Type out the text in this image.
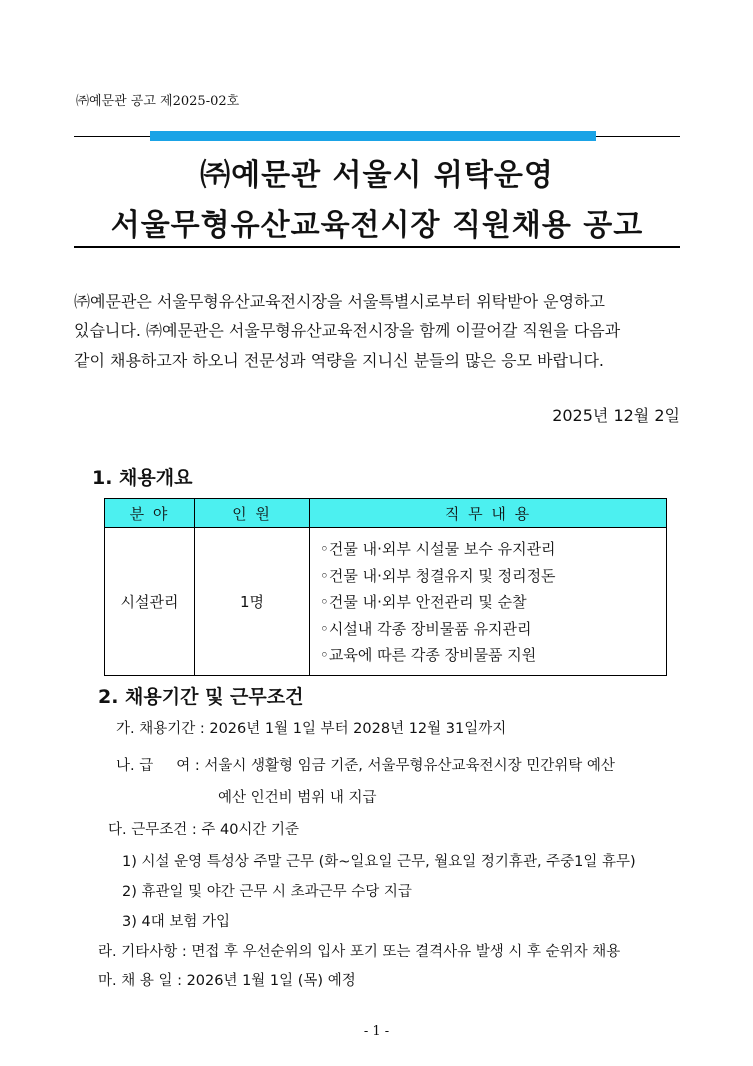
㈜예문관 공고 제2025-02호
㈜예문관 서울시 위탁운영
서울무형유산교육전시장 직원채용 공고
㈜예문관은 서울무형유산교육전시장을 서울특별시로부터 위탁받아 운영하고
있습니다. ㈜예문관은 서울무형유산교육전시장을 함께 이끌어갈 직원을 다음과
같이 채용하고자 하오니 전문성과 역량을 지니신 분들의 많은 응모 바랍니다.
2025년 12월 2일
1. 채용개요
분 야	인 원	직 무 내 용
시설관리	1명	◦건물 내·외부 시설물 보수 유지관리
◦건물 내·외부 청결유지 및 정리정돈
◦건물 내·외부 안전관리 및 순찰
◦시설내 각종 장비물품 유지관리
◦교육에 따른 각종 장비물품 지원
2. 채용기간 및 근무조건
가. 채용기간 : 2026년 1월 1일 부터 2028년 12월 31일까지
나. 급     여 : 서울시 생활형 임금 기준, 서울무형유산교육전시장 민간위탁 예산
예산 인건비 범위 내 지급
다. 근무조건 : 주 40시간 기준
1) 시설 운영 특성상 주말 근무 (화~일요일 근무, 월요일 정기휴관, 주중1일 휴무)
2) 휴관일 및 야간 근무 시 초과근무 수당 지급
3) 4대 보험 가입
라. 기타사항 : 면접 후 우선순위의 입사 포기 또는 결격사유 발생 시 후 순위자 채용
마. 채 용 일 : 2026년 1월 1일 (목) 예정
- 1 -
